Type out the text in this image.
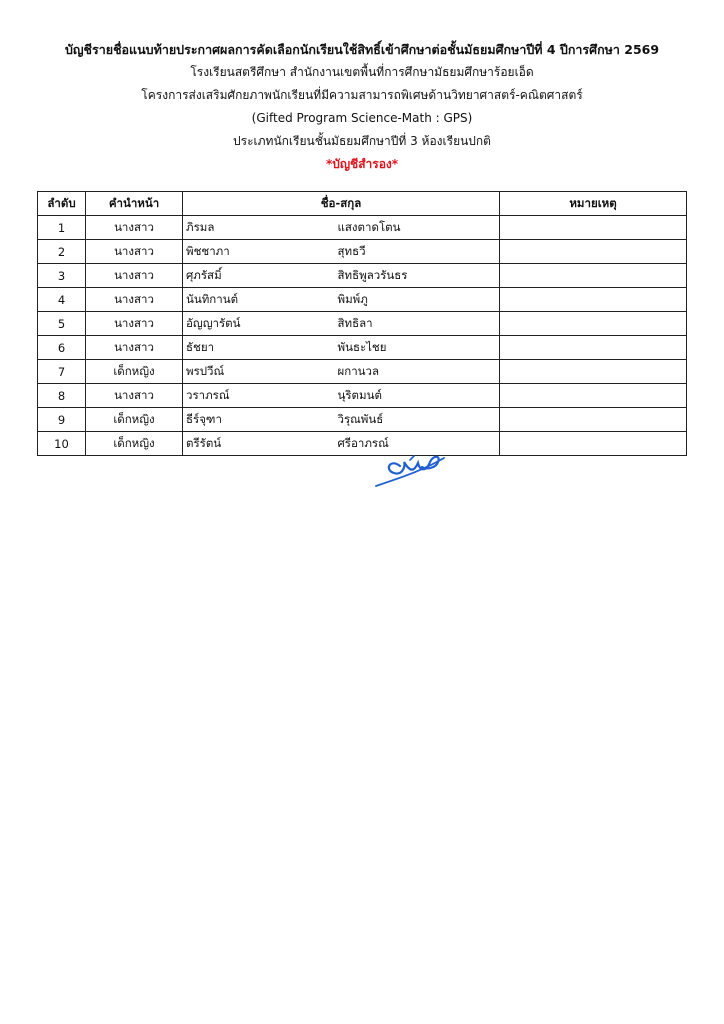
บัญชีรายชื่อแนบท้ายประกาศผลการคัดเลือกนักเรียนใช้สิทธิ์เข้าศึกษาต่อชั้นมัธยมศึกษาปีที่ 4 ปีการศึกษา 2569
โรงเรียนสตรีศึกษา สำนักงานเขตพื้นที่การศึกษามัธยมศึกษาร้อยเอ็ด
โครงการส่งเสริมศักยภาพนักเรียนที่มีความสามารถพิเศษด้านวิทยาศาสตร์-คณิตศาสตร์
(Gifted Program Science-Math : GPS)
ประเภทนักเรียนชั้นมัธยมศึกษาปีที่ 3 ห้องเรียนปกติ
*บัญชีสำรอง*
ลำดับ	คำนำหน้า	ชื่อ-สกุล		หมายเหตุ
1	นางสาว	ภิรมล	แสงตาดโตน	
2	นางสาว	พิชชาภา	สุทธวี	
3	นางสาว	ศุภรัสมิ์	สิทธิพูลวรันธร	
4	นางสาว	นันทิกานต์	พิมพ์ภู	
5	นางสาว	อัญญารัตน์	สิทธิลา	
6	นางสาว	ธัชยา	พันธะไชย	
7	เด็กหญิง	พรปวีณ์	ผกานวล	
8	นางสาว	วราภรณ์	นุริตมนต์	
9	เด็กหญิง	ธีร์จุฑา	วิรุณพันธ์	
10	เด็กหญิง	ตรีรัตน์	ศรีอาภรณ์	
